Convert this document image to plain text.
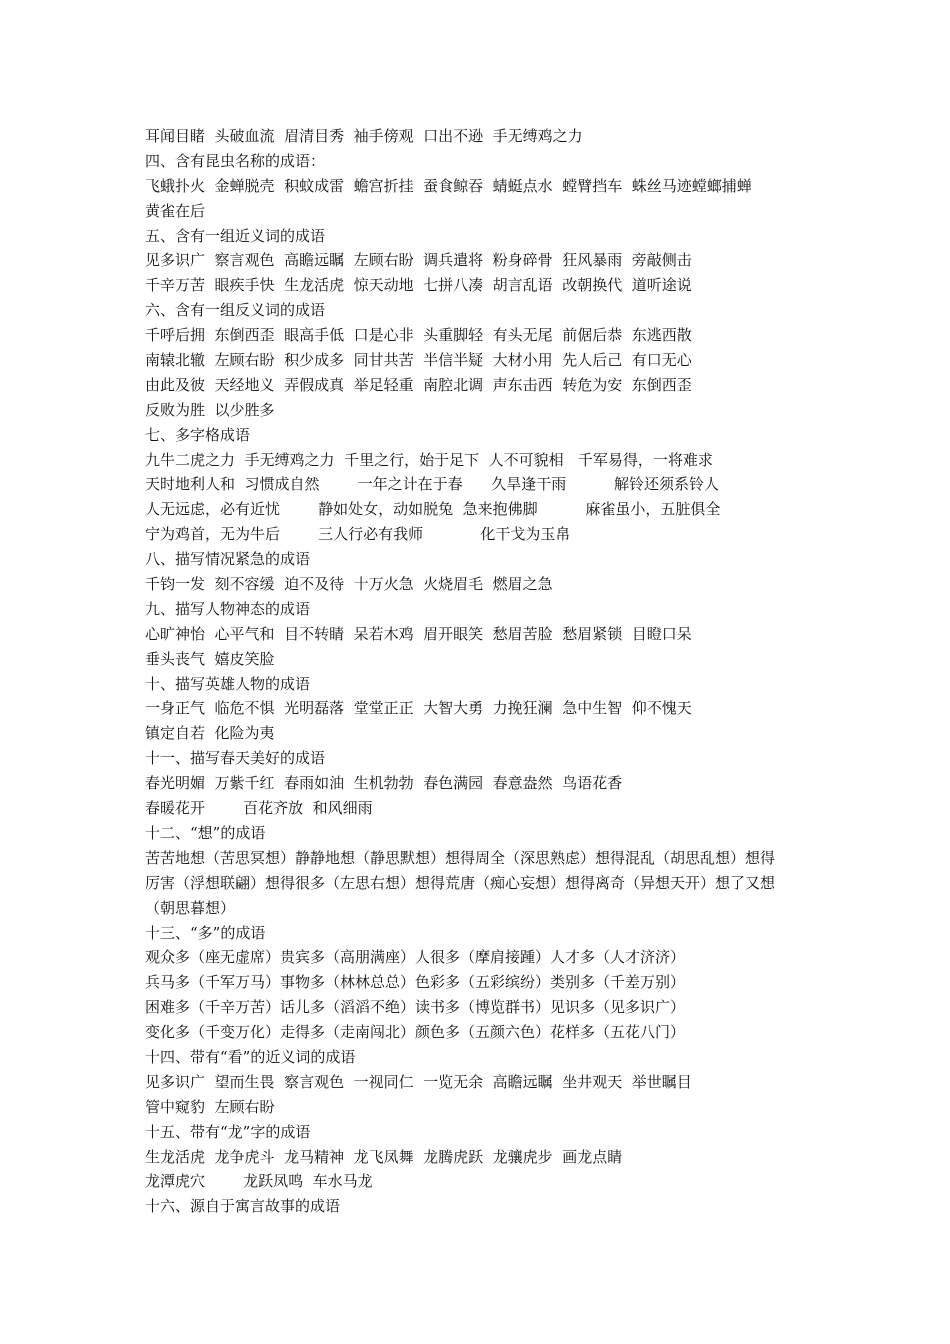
耳闻目睹  头破血流  眉清目秀  袖手傍观  口出不逊  手无缚鸡之力
四、含有昆虫名称的成语：
飞蛾扑火  金蝉脱壳  积蚊成雷  蟾宫折挂  蚕食鲸吞  蜻蜓点水  螳臂挡车  蛛丝马迹螳螂捕蝉
黄雀在后
五、含有一组近义词的成语
见多识广  察言观色  高瞻远瞩  左顾右盼  调兵遣将  粉身碎骨  狂风暴雨  旁敲侧击
千辛万苦  眼疾手快  生龙活虎  惊天动地  七拼八凑  胡言乱语  改朝换代  道听途说
六、含有一组反义词的成语
千呼后拥  东倒西歪  眼高手低  口是心非  头重脚轻  有头无尾  前倨后恭  东逃西散
南辕北辙  左顾右盼  积少成多  同甘共苦  半信半疑  大材小用  先人后己  有口无心
由此及彼  天经地义  弄假成真  举足轻重  南腔北调  声东击西  转危为安  东倒西歪
反败为胜  以少胜多
七、多字格成语
九牛二虎之力  手无缚鸡之力  千里之行，始于足下  人不可貌相   千军易得，一将难求
天时地利人和  习惯成自然        一年之计在于春      久旱逢干雨          解铃还须系铃人
人无远虑，必有近忧        静如处女，动如脱兔  急来抱佛脚          麻雀虽小，五脏俱全
宁为鸡首，无为牛后        三人行必有我师            化干戈为玉帛
八、描写情况紧急的成语
千钧一发  刻不容缓  迫不及待  十万火急  火烧眉毛  燃眉之急
九、描写人物神态的成语
心旷神怡  心平气和  目不转睛  呆若木鸡  眉开眼笑  愁眉苦脸  愁眉紧锁  目瞪口呆
垂头丧气  嬉皮笑脸
十、描写英雄人物的成语
一身正气  临危不惧  光明磊落  堂堂正正  大智大勇  力挽狂澜  急中生智  仰不愧天
镇定自若  化险为夷
十一、描写春天美好的成语
春光明媚  万紫千红  春雨如油  生机勃勃  春色满园  春意盎然  鸟语花香
春暖花开        百花齐放  和风细雨
十二、“想”的成语
苦苦地想（苦思冥想）静静地想（静思默想）想得周全（深思熟虑）想得混乱（胡思乱想）想得
厉害（浮想联翩）想得很多（左思右想）想得荒唐（痴心妄想）想得离奇（异想天开）想了又想
（朝思暮想）
十三、“多”的成语
观众多（座无虚席）贵宾多（高朋满座）人很多（摩肩接踵）人才多（人才济济）
兵马多（千军万马）事物多（林林总总）色彩多（五彩缤纷）类别多（千差万别）
困难多（千辛万苦）话儿多（滔滔不绝）读书多（博览群书）见识多（见多识广）
变化多（千变万化）走得多（走南闯北）颜色多（五颜六色）花样多（五花八门）
十四、带有“看”的近义词的成语
见多识广  望而生畏  察言观色  一视同仁  一览无余  高瞻远瞩  坐井观天  举世瞩目
管中窥豹  左顾右盼
十五、带有“龙”字的成语
生龙活虎  龙争虎斗  龙马精神  龙飞凤舞  龙腾虎跃  龙骧虎步  画龙点睛
龙潭虎穴        龙跃凤鸣  车水马龙
十六、源自于寓言故事的成语
